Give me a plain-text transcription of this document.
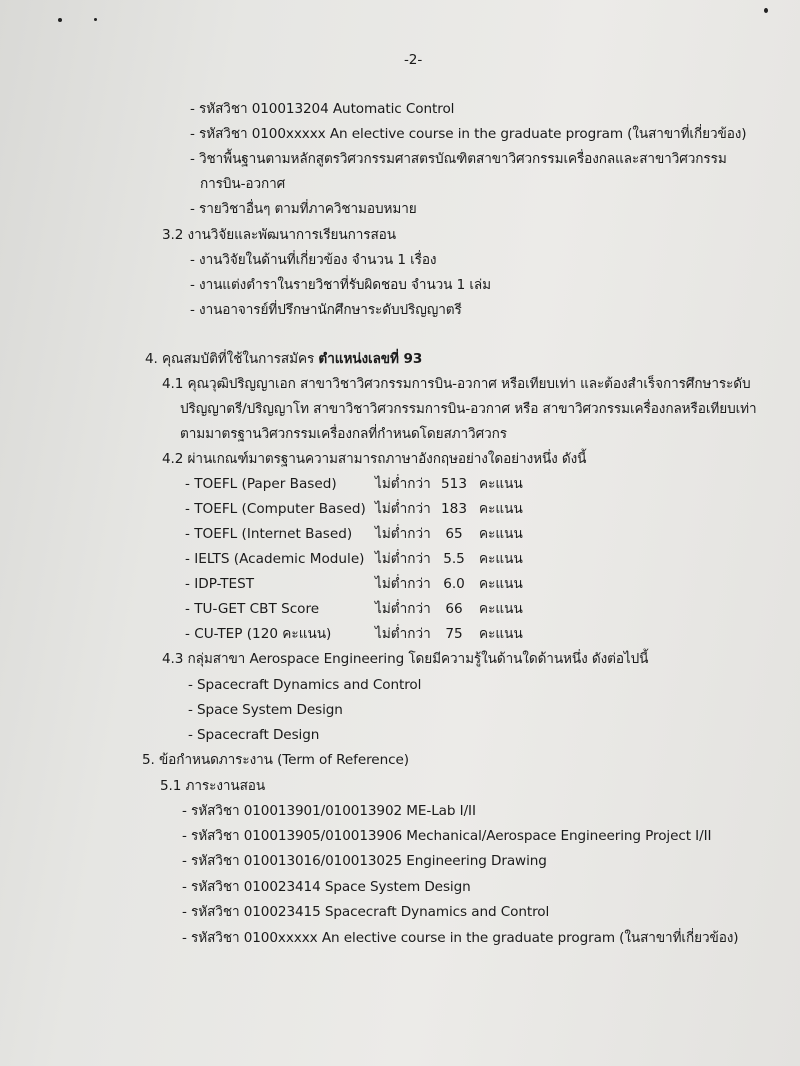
-2-
- รหัสวิชา 010013204 Automatic Control
- รหัสวิชา 0100xxxxx An elective course in the graduate program (ในสาขาที่เกี่ยวข้อง)
- วิชาพื้นฐานตามหลักสูตรวิศวกรรมศาสตรบัณฑิตสาขาวิศวกรรมเครื่องกลและสาขาวิศวกรรม
การบิน-อวกาศ
- รายวิชาอื่นๆ ตามที่ภาควิชามอบหมาย
3.2 งานวิจัยและพัฒนาการเรียนการสอน
- งานวิจัยในด้านที่เกี่ยวข้อง จำนวน 1 เรื่อง
- งานแต่งตำราในรายวิชาที่รับผิดชอบ จำนวน 1 เล่ม
- งานอาจารย์ที่ปรึกษานักศึกษาระดับปริญญาตรี
4. คุณสมบัติที่ใช้ในการสมัคร ตำแหน่งเลขที่ 93
4.1 คุณวุฒิปริญญาเอก สาขาวิชาวิศวกรรมการบิน-อวกาศ หรือเทียบเท่า และต้องสำเร็จการศึกษาระดับ
ปริญญาตรี/ปริญญาโท สาขาวิชาวิศวกรรมการบิน-อวกาศ หรือ สาขาวิศวกรรมเครื่องกลหรือเทียบเท่า
ตามมาตรฐานวิศวกรรมเครื่องกลที่กำหนดโดยสภาวิศวกร
4.2 ผ่านเกณฑ์มาตรฐานความสามารถภาษาอังกฤษอย่างใดอย่างหนึ่ง ดังนี้
- TOEFL (Paper Based)	ไม่ต่ำกว่า 513 คะแนน
- TOEFL (Computer Based) ไม่ต่ำกว่า 183 คะแนน
- TOEFL (Internet Based) ไม่ต่ำกว่า	65	คะแนน
- IELTS (Academic Module) ไม่ต่ำกว่า 5.5	คะแนน
- IDP-TEST	ไม่ต่ำกว่า 6.0	คะแนน
- TU-GET CBT Score	ไม่ต่ำกว่า	66	คะแนน
- CU-TEP (120 คะแนน)	ไม่ต่ำกว่า	75	คะแนน
4.3 กลุ่มสาขา Aerospace Engineering โดยมีความรู้ในด้านใดด้านหนึ่ง ดังต่อไปนี้
- Spacecraft Dynamics and Control
- Space System Design
- Spacecraft Design
5. ข้อกำหนดภาระงาน (Term of Reference)
5.1 ภาระงานสอน
- รหัสวิชา 010013901/010013902 ME-Lab I/II
- รหัสวิชา 010013905/010013906 Mechanical/Aerospace Engineering Project I/II
- รหัสวิชา 010013016/010013025 Engineering Drawing
- รหัสวิชา 010023414 Space System Design
- รหัสวิชา 010023415 Spacecraft Dynamics and Control
- รหัสวิชา 0100xxxxx An elective course in the graduate program (ในสาขาที่เกี่ยวข้อง)
